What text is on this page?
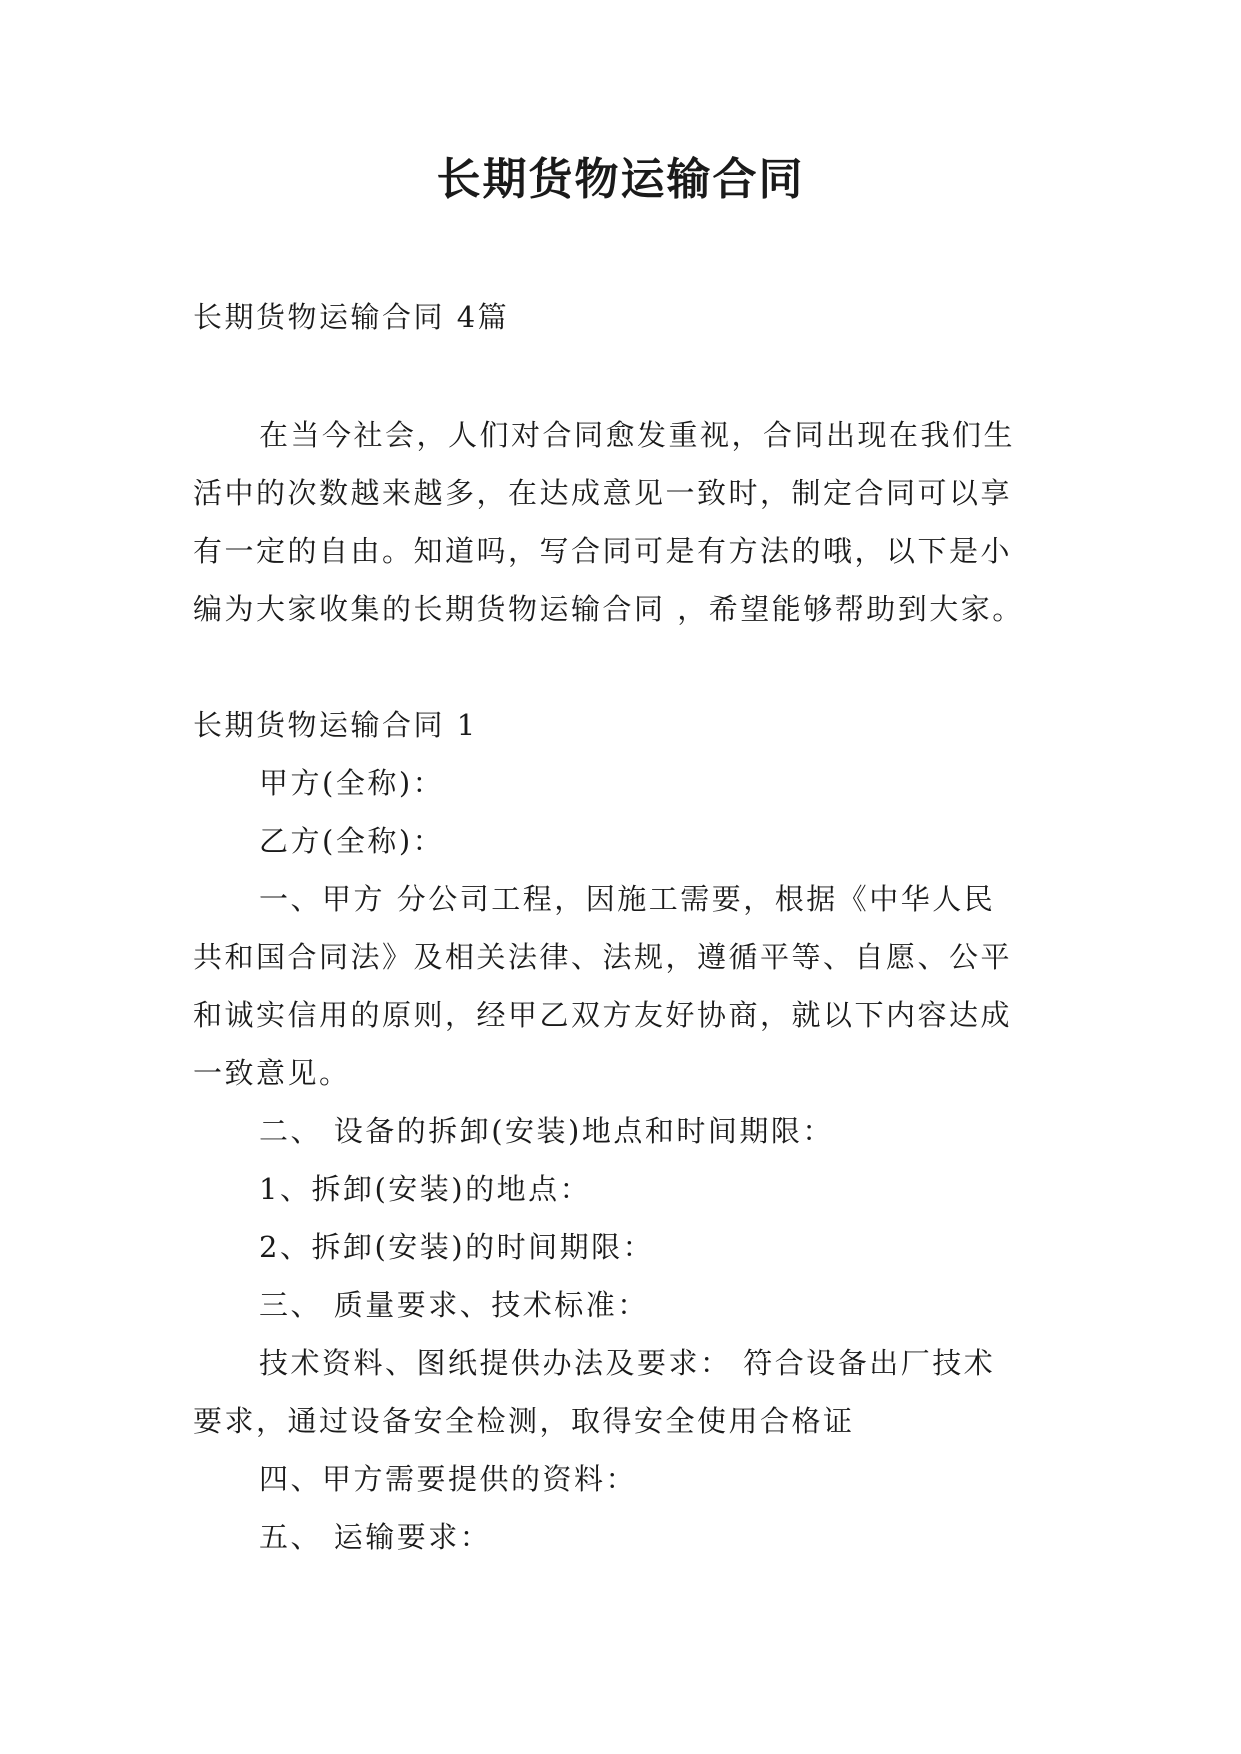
长期货物运输合同
长期货物运输合同 4篇
在当今社会，人们对合同愈发重视，合同出现在我们生
活中的次数越来越多，在达成意见一致时，制定合同可以享
有一定的自由。知道吗，写合同可是有方法的哦，以下是小
编为大家收集的长期货物运输合同 ，希望能够帮助到大家。
长期货物运输合同 1
甲方(全称)：
乙方(全称)：
一、甲方 分公司工程，因施工需要，根据《中华人民
共和国合同法》及相关法律、法规，遵循平等、自愿、公平
和诚实信用的原则，经甲乙双方友好协商，就以下内容达成
一致意见。
二、 设备的拆卸(安装)地点和时间期限：
1、拆卸(安装)的地点：
2、拆卸(安装)的时间期限：
三、 质量要求、技术标准：
技术资料、图纸提供办法及要求： 符合设备出厂技术
要求，通过设备安全检测，取得安全使用合格证
四、甲方需要提供的资料：
五、 运输要求：
